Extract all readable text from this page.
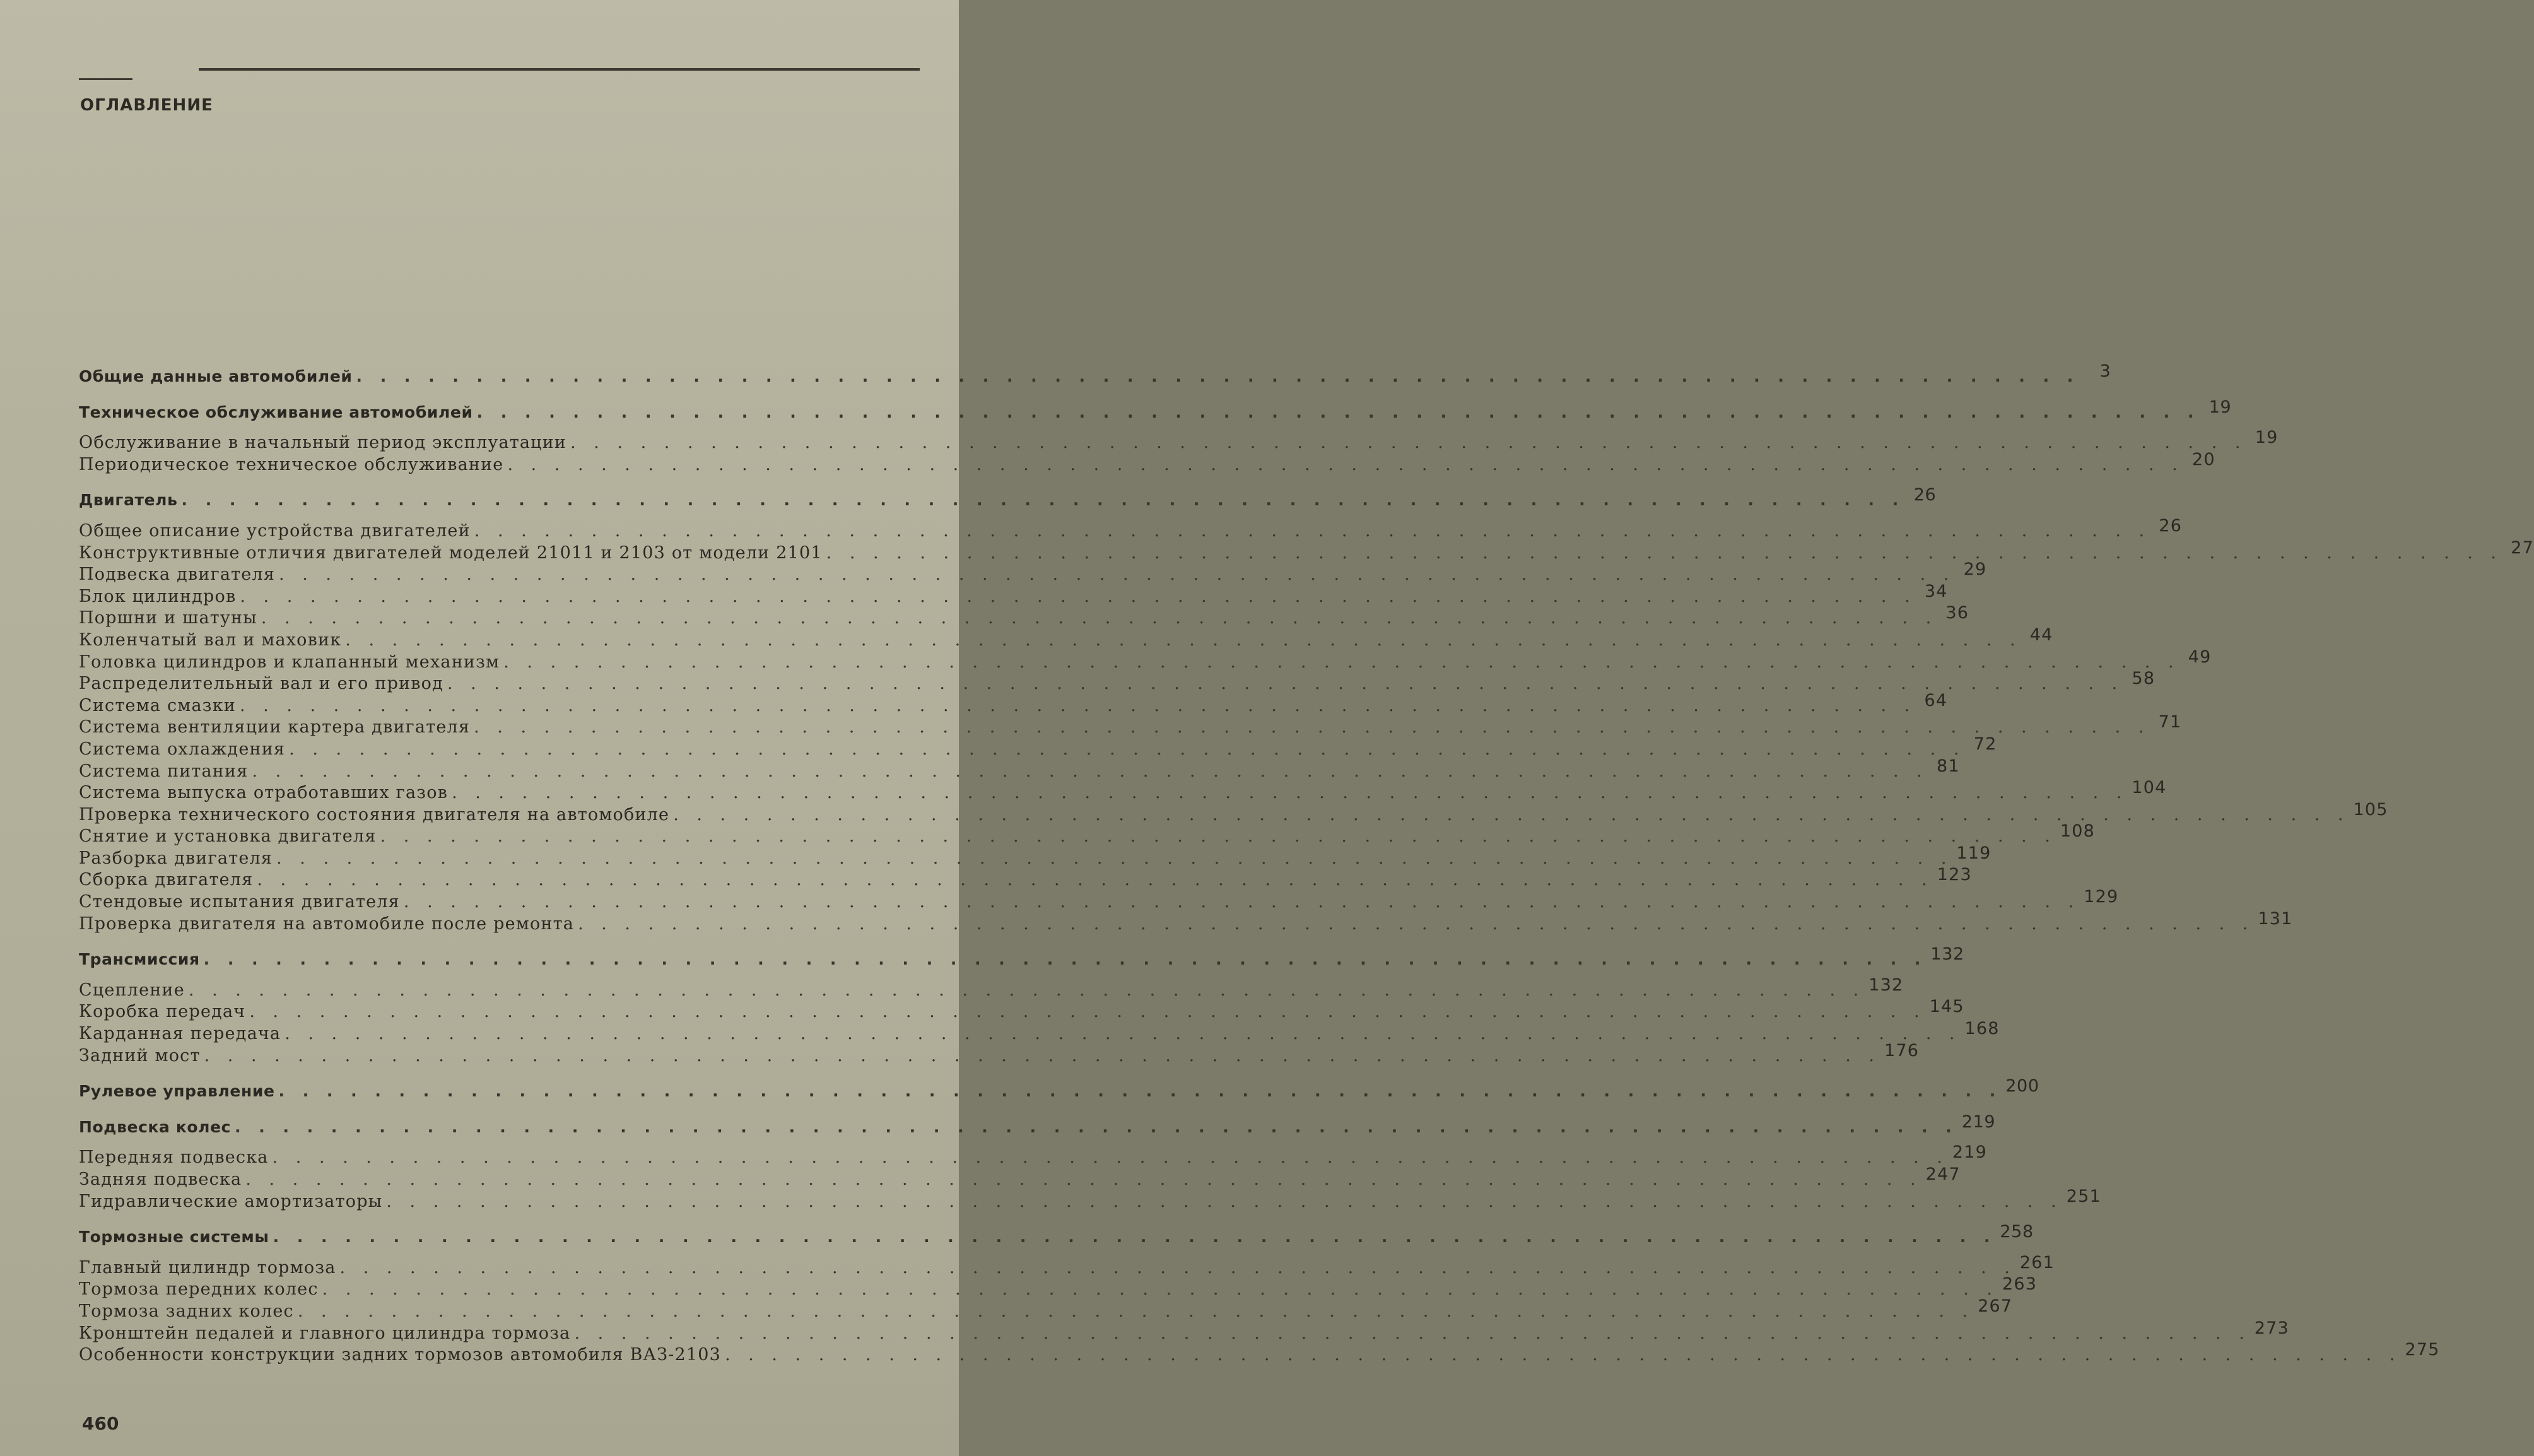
ОГЛАВЛЕНИЕ
Общие данные автомобилей . . . . . . . . . . . . . . . . . . . . . . . . . . . . . . . . . . . . . . . . . . . . . . . . . . . . . . . . . . . . . . . . . . . . . . . .	3
Техническое обслуживание автомобилей . . . . . . . . . . . . . . . . . . . . . . . . . . . . . . . . . . . . . . . . . . . . . . . . . . . . . . . . . . . . . . . . . . . . . . . . 19
Обслуживание в начальный период эксплуатации . . . . . . . . . . . . . . . . . . . . . . . . . . . . . . . . . . . . . . . . . . . . . . . . . . . . . . . . . . . . . . . . . . . . . . . . 19
Периодическое техническое обслуживание . . . . . . . . . . . . . . . . . . . . . . . . . . . . . . . . . . . . . . . . . . . . . . . . . . . . . . . . . . . . . . . . . . . . . . . . 20
Двигатель . . . . . . . . . . . . . . . . . . . . . . . . . . . . . . . . . . . . . . . . . . . . . . . . . . . . . . . . . . . . . . . . . . . . . . . . 26
Общее описание устройства двигателей . . . . . . . . . . . . . . . . . . . . . . . . . . . . . . . . . . . . . . . . . . . . . . . . . . . . . . . . . . . . . . . . . . . . . . . . 26
Конструктивные отличия двигателей моделей 21011 и 2103 от модели 2101 . . . . . . . . . . . . . . . . . . . . . . . . . . . . . . . . . . . . . . . . . . . . . . . . . . . . . . . . . . . . . . . . . . . . . . . . 27
Подвеска двигателя . . . . . . . . . . . . . . . . . . . . . . . . . . . . . . . . . . . . . . . . . . . . . . . . . . . . . . . . . . . . . . . . . . . . . . . . 29
Блок цилиндров . . . . . . . . . . . . . . . . . . . . . . . . . . . . . . . . . . . . . . . . . . . . . . . . . . . . . . . . . . . . . . . . . . . . . . . . 34
Поршни и шатуны . . . . . . . . . . . . . . . . . . . . . . . . . . . . . . . . . . . . . . . . . . . . . . . . . . . . . . . . . . . . . . . . . . . . . . . . 36
Коленчатый вал и маховик . . . . . . . . . . . . . . . . . . . . . . . . . . . . . . . . . . . . . . . . . . . . . . . . . . . . . . . . . . . . . . . . . . . . . . . . 44
Головка цилиндров и клапанный механизм . . . . . . . . . . . . . . . . . . . . . . . . . . . . . . . . . . . . . . . . . . . . . . . . . . . . . . . . . . . . . . . . . . . . . . . . 49
Распределительный вал и его привод . . . . . . . . . . . . . . . . . . . . . . . . . . . . . . . . . . . . . . . . . . . . . . . . . . . . . . . . . . . . . . . . . . . . . . . . 58
Система смазки . . . . . . . . . . . . . . . . . . . . . . . . . . . . . . . . . . . . . . . . . . . . . . . . . . . . . . . . . . . . . . . . . . . . . . . . 64
Система вентиляции картера двигателя . . . . . . . . . . . . . . . . . . . . . . . . . . . . . . . . . . . . . . . . . . . . . . . . . . . . . . . . . . . . . . . . . . . . . . . . 71
Система охлаждения . . . . . . . . . . . . . . . . . . . . . . . . . . . . . . . . . . . . . . . . . . . . . . . . . . . . . . . . . . . . . . . . . . . . . . . . 72
Система питания . . . . . . . . . . . . . . . . . . . . . . . . . . . . . . . . . . . . . . . . . . . . . . . . . . . . . . . . . . . . . . . . . . . . . . . . 81
Система выпуска отработавших газов . . . . . . . . . . . . . . . . . . . . . . . . . . . . . . . . . . . . . . . . . . . . . . . . . . . . . . . . . . . . . . . . . . . . . . . . 104
Проверка технического состояния двигателя на автомобиле . . . . . . . . . . . . . . . . . . . . . . . . . . . . . . . . . . . . . . . . . . . . . . . . . . . . . . . . . . . . . . . . . . . . . . . . 105
Снятие и установка двигателя . . . . . . . . . . . . . . . . . . . . . . . . . . . . . . . . . . . . . . . . . . . . . . . . . . . . . . . . . . . . . . . . . . . . . . . . 108
Разборка двигателя . . . . . . . . . . . . . . . . . . . . . . . . . . . . . . . . . . . . . . . . . . . . . . . . . . . . . . . . . . . . . . . . . . . . . . . . 119
Сборка двигателя . . . . . . . . . . . . . . . . . . . . . . . . . . . . . . . . . . . . . . . . . . . . . . . . . . . . . . . . . . . . . . . . . . . . . . . . 123
Стендовые испытания двигателя . . . . . . . . . . . . . . . . . . . . . . . . . . . . . . . . . . . . . . . . . . . . . . . . . . . . . . . . . . . . . . . . . . . . . . . . 129
Проверка двигателя на автомобиле после ремонта . . . . . . . . . . . . . . . . . . . . . . . . . . . . . . . . . . . . . . . . . . . . . . . . . . . . . . . . . . . . . . . . . . . . . . . . 131
Трансмиссия . . . . . . . . . . . . . . . . . . . . . . . . . . . . . . . . . . . . . . . . . . . . . . . . . . . . . . . . . . . . . . . . . . . . . . . . 132
Сцепление . . . . . . . . . . . . . . . . . . . . . . . . . . . . . . . . . . . . . . . . . . . . . . . . . . . . . . . . . . . . . . . . . . . . . . . . 132
Коробка передач . . . . . . . . . . . . . . . . . . . . . . . . . . . . . . . . . . . . . . . . . . . . . . . . . . . . . . . . . . . . . . . . . . . . . . . . 145
Карданная передача . . . . . . . . . . . . . . . . . . . . . . . . . . . . . . . . . . . . . . . . . . . . . . . . . . . . . . . . . . . . . . . . . . . . . . . . 168
Задний мост . . . . . . . . . . . . . . . . . . . . . . . . . . . . . . . . . . . . . . . . . . . . . . . . . . . . . . . . . . . . . . . . . . . . . . . . 176
Рулевое управление . . . . . . . . . . . . . . . . . . . . . . . . . . . . . . . . . . . . . . . . . . . . . . . . . . . . . . . . . . . . . . . . . . . . . . . . 200
Подвеска колес . . . . . . . . . . . . . . . . . . . . . . . . . . . . . . . . . . . . . . . . . . . . . . . . . . . . . . . . . . . . . . . . . . . . . . . . 219
Передняя подвеска . . . . . . . . . . . . . . . . . . . . . . . . . . . . . . . . . . . . . . . . . . . . . . . . . . . . . . . . . . . . . . . . . . . . . . . . 219
Задняя подвеска . . . . . . . . . . . . . . . . . . . . . . . . . . . . . . . . . . . . . . . . . . . . . . . . . . . . . . . . . . . . . . . . . . . . . . . . 247
Гидравлические амортизаторы . . . . . . . . . . . . . . . . . . . . . . . . . . . . . . . . . . . . . . . . . . . . . . . . . . . . . . . . . . . . . . . . . . . . . . . . 251
Тормозные системы . . . . . . . . . . . . . . . . . . . . . . . . . . . . . . . . . . . . . . . . . . . . . . . . . . . . . . . . . . . . . . . . . . . . . . . . 258
Главный цилиндр тормоза . . . . . . . . . . . . . . . . . . . . . . . . . . . . . . . . . . . . . . . . . . . . . . . . . . . . . . . . . . . . . . . . . . . . . . . . 261
Тормоза передних колес . . . . . . . . . . . . . . . . . . . . . . . . . . . . . . . . . . . . . . . . . . . . . . . . . . . . . . . . . . . . . . . . . . . . . . . . 263
Тормоза задних колес . . . . . . . . . . . . . . . . . . . . . . . . . . . . . . . . . . . . . . . . . . . . . . . . . . . . . . . . . . . . . . . . . . . . . . . . 267
Кронштейн педалей и главного цилиндра тормоза . . . . . . . . . . . . . . . . . . . . . . . . . . . . . . . . . . . . . . . . . . . . . . . . . . . . . . . . . . . . . . . . . . . . . . . . 273
Особенности конструкции задних тормозов автомобиля ВАЗ-2103 . . . . . . . . . . . . . . . . . . . . . . . . . . . . . . . . . . . . . . . . . . . . . . . . . . . . . . . . . . . . . . . . . . . . . . . . 275
460
